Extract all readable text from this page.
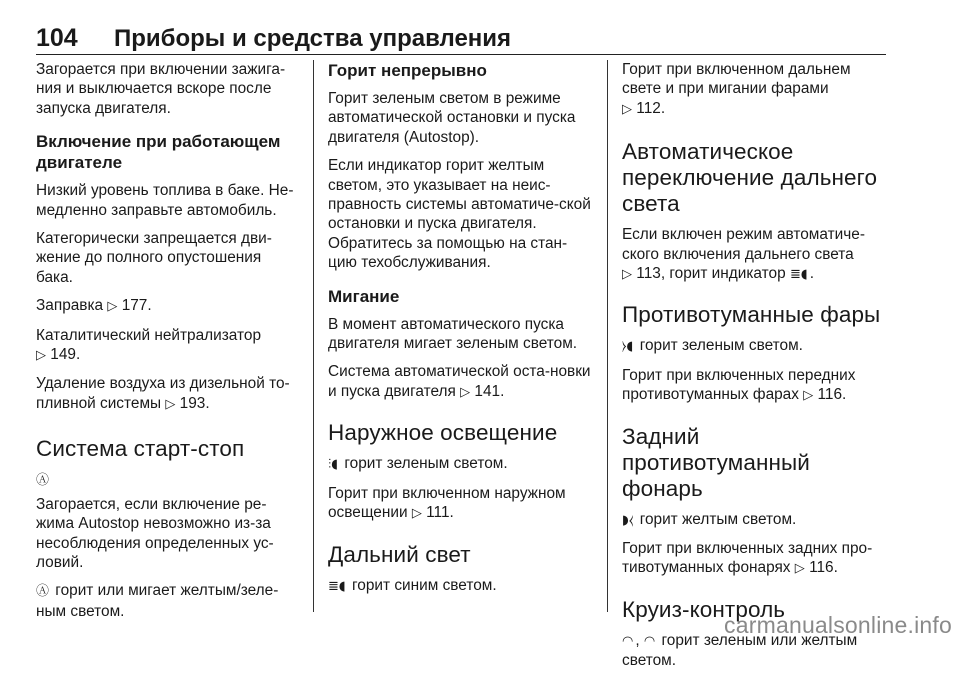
104 Приборы и средства управления

Загорается при включении зажига-ния и выключается вскоре после запуска двигателя.

Включение при работающем двигателе

Низкий уровень топлива в баке. Не-медленно заправьте автомобиль.

Категорически запрещается дви-жение до полного опустошения бака.

Заправка ▷ 177.

Каталитический нейтрализатор
▷ 149.

Удаление воздуха из дизельной то-пливной системы ▷ 193.

Система старт-стоп

Ⓐ

Загорается, если включение ре-жима Autostop невозможно из-за несоблюдения определенных ус-ловий.

Ⓐ горит или мигает желтым/зеле-ным светом.

Горит непрерывно

Горит зеленым светом в режиме автоматической остановки и пуска двигателя (Autostop).

Если индикатор горит желтым светом, это указывает на неис-правность системы автоматиче-ской остановки и пуска двигателя. Обратитесь за помощью на стан-цию техобслуживания.

Мигание

В момент автоматического пуска двигателя мигает зеленым светом.

Система автоматической оста-новки и пуска двигателя ▷ 141.

Наружное освещение

⫶◖ горит зеленым светом.

Горит при включенном наружном освещении ▷ 111.

Дальний свет

≣◖ горит синим светом.

Горит при включенном дальнем свете и при мигании фарами
▷ 112.

Автоматическое переключение дальнего света

Если включен режим автоматиче-ского включения дальнего света

▷ 113, горит индикатор ≣◖ .

Противотуманные фары

⧽◖ горит зеленым светом.

Горит при включенных передних противотуманных фарах ▷ 116.

Задний противотуманный фонарь

◗⧼ горит желтым светом.

Горит при включенных задних про-тивотуманных фонарях ▷ 116.

Круиз-контроль

◠ , ◠ горит зеленым или желтым светом.

carmanualsonline.info
